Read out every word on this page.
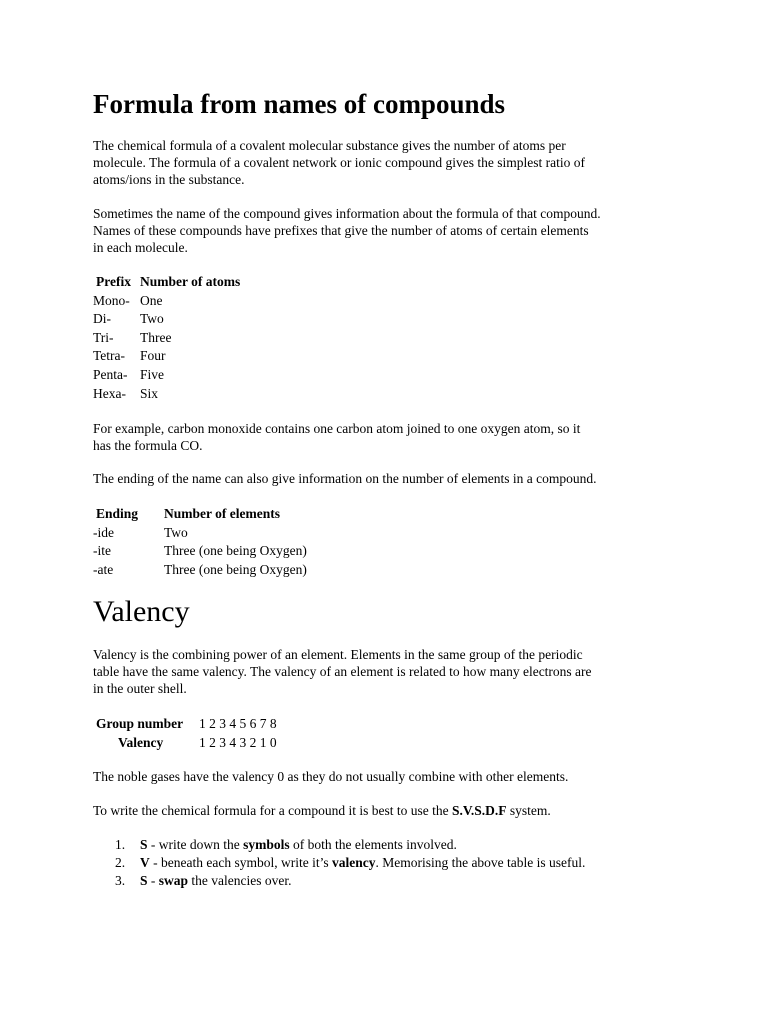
Formula from names of compounds

The chemical formula of a covalent molecular substance gives the number of atoms per

molecule. The formula of a covalent network or ionic compound gives the simplest ratio of

atoms/ions in the substance.

Sometimes the name of the compound gives information about the formula of that compound.

Names of these compounds have prefixes that give the number of atoms of certain elements

in each molecule.

Prefix	Number of atoms
Mono-	One
Di-	Two
Tri-	Three
Tetra-	Four
Penta-	Five
Hexa-	Six

For example, carbon monoxide contains one carbon atom joined to one oxygen atom, so it

has the formula CO.

The ending of the name can also give information on the number of elements in a compound.

Ending	Number of elements
-ide	Two
-ite	Three (one being Oxygen)
-ate	Three (one being Oxygen)
Valency

Valency is the combining power of an element. Elements in the same group of the periodic

table have the same valency. The valency of an element is related to how many electrons are

in the outer shell.

Group number 1 2 3 4 5 6 7 8
Valency	1 2 3 4 3 2 1 0

The noble gases have the valency 0 as they do not usually combine with other elements.

To write the chemical formula for a compound it is best to use the S.V.S.D.F system.

1. S - write down the symbols of both the elements involved.
2. V - beneath each symbol, write it’s valency. Memorising the above table is useful.
3. S - swap the valencies over.
